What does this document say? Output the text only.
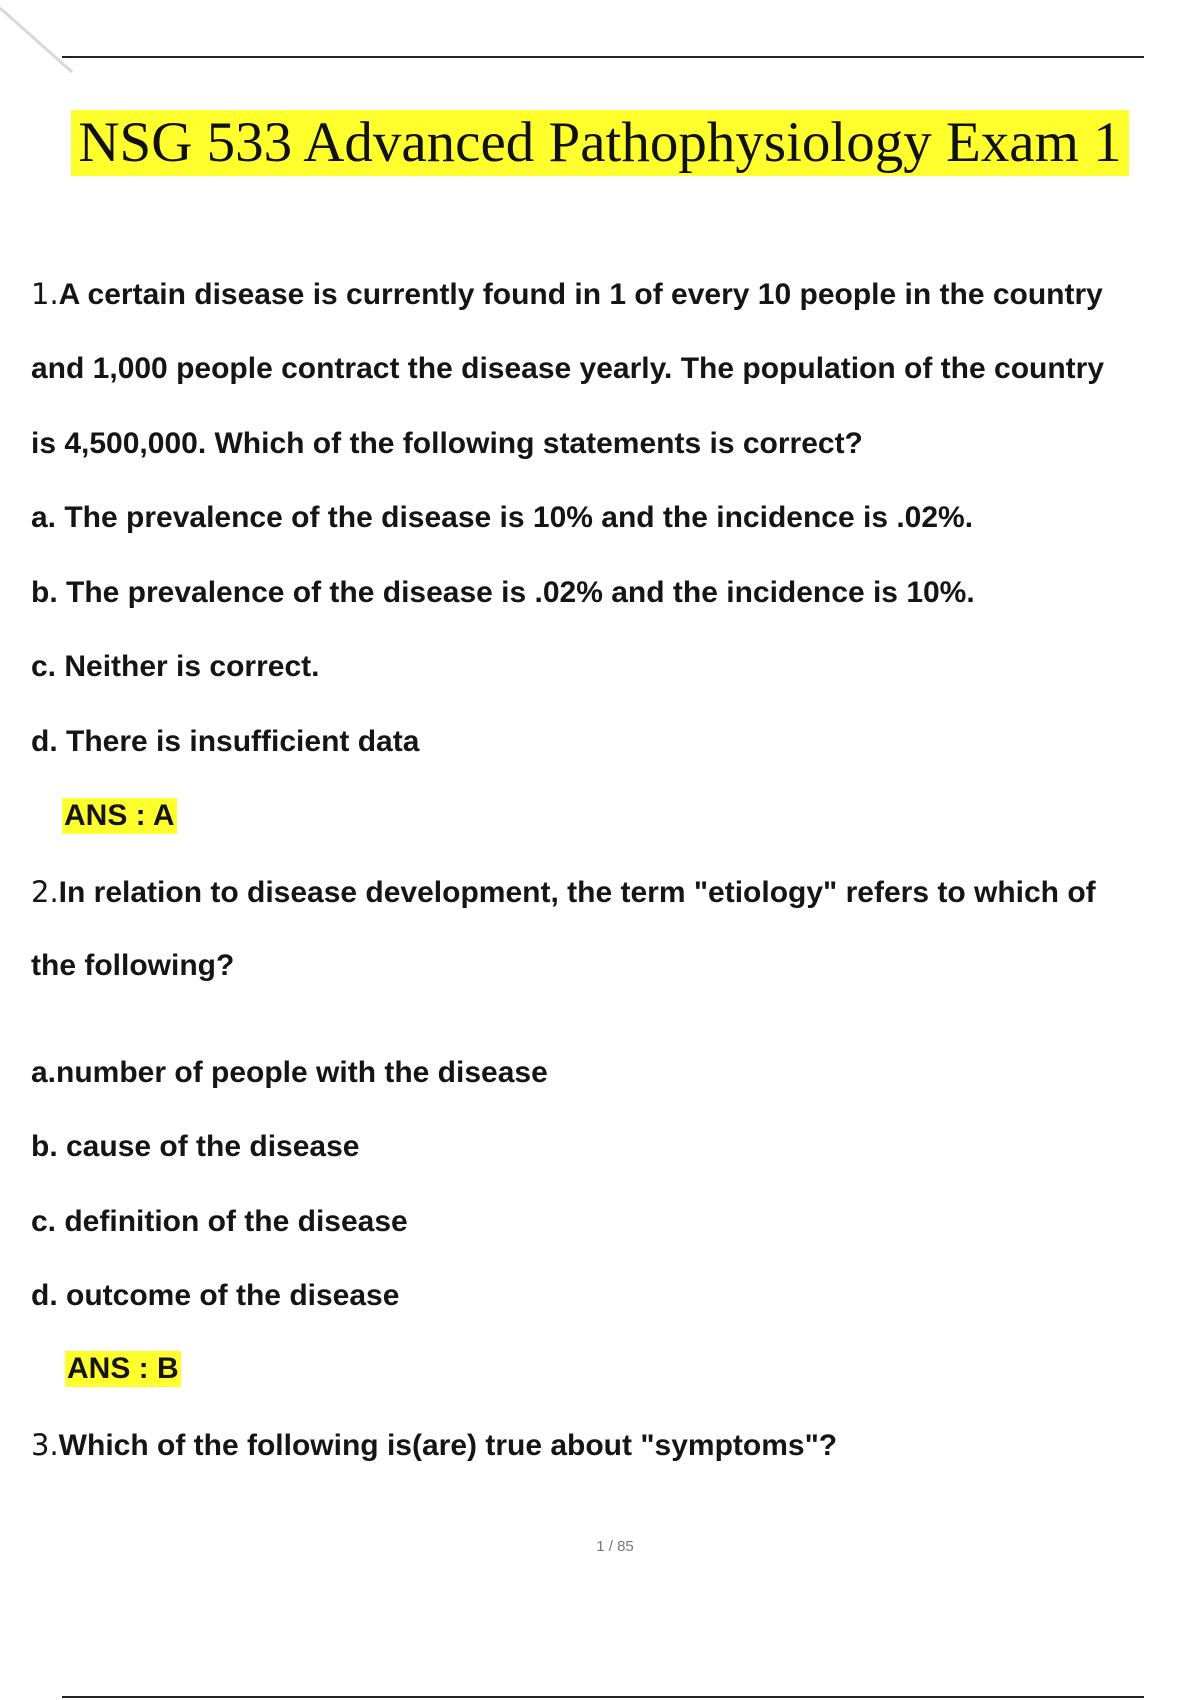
NSG 533 Advanced Pathophysiology Exam 1
1.A certain disease is currently found in 1 of every 10 people in the country
and 1,000 people contract the disease yearly. The population of the country
is 4,500,000. Which of the following statements is correct?
a. The prevalence of the disease is 10% and the incidence is .02%.
b. The prevalence of the disease is .02% and the incidence is 10%.
c. Neither is correct.
d. There is insufficient data
ANS : A
2.In relation to disease development, the term "etiology" refers to which of
the following?
a.number of people with the disease
b. cause of the disease
c. definition of the disease
d. outcome of the disease
ANS : B
3.Which of the following is(are) true about "symptoms"?
1 / 85
